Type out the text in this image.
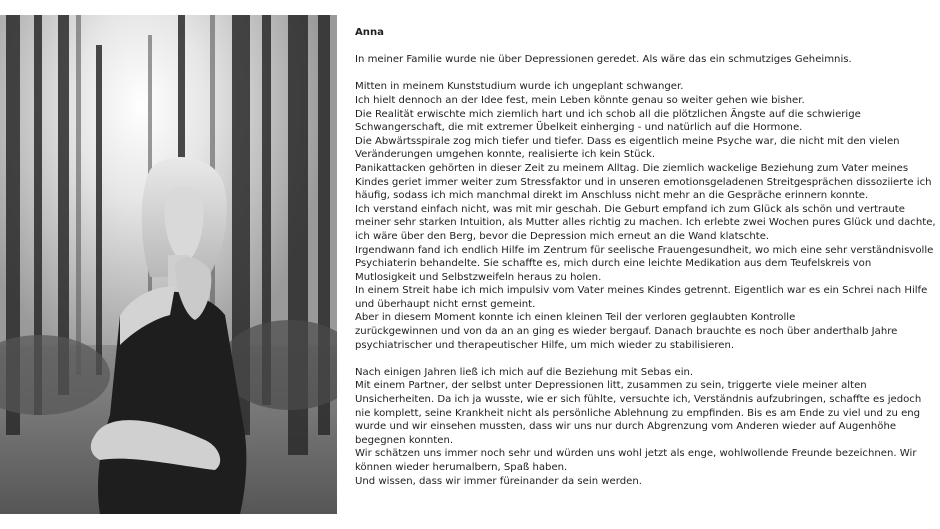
Anna
In meiner Familie wurde nie über Depressionen geredet. Als wäre das ein schmutziges Geheimnis.
Mitten in meinem Kunststudium wurde ich ungeplant schwanger.
Ich hielt dennoch an der Idee fest, mein Leben könnte genau so weiter gehen wie bisher.
Die Realität erwischte mich ziemlich hart und ich schob all die plötzlichen Ängste auf die schwierige
Schwangerschaft, die mit extremer Übelkeit einherging - und natürlich auf die Hormone.
Die Abwärtsspirale zog mich tiefer und tiefer. Dass es eigentlich meine Psyche war, die nicht mit den vielen
Veränderungen umgehen konnte, realisierte ich kein Stück.
Panikattacken gehörten in dieser Zeit zu meinem Alltag. Die ziemlich wackelige Beziehung zum Vater meines
Kindes geriet immer weiter zum Stressfaktor und in unseren emotionsgeladenen Streitgesprächen dissoziierte ich
häufig, sodass ich mich manchmal direkt im Anschluss nicht mehr an die Gespräche erinnern konnte.
Ich verstand einfach nicht, was mit mir geschah. Die Geburt empfand ich zum Glück als schön und vertraute
meiner sehr starken Intuition, als Mutter alles richtig zu machen. Ich erlebte zwei Wochen pures Glück und dachte,
ich wäre über den Berg, bevor die Depression mich erneut an die Wand klatschte.
Irgendwann fand ich endlich Hilfe im Zentrum für seelische Frauengesundheit, wo mich eine sehr verständnisvolle
Psychiaterin behandelte. Sie schaffte es, mich durch eine leichte Medikation aus dem Teufelskreis von
Mutlosigkeit und Selbstzweifeln heraus zu holen.
In einem Streit habe ich mich impulsiv vom Vater meines Kindes getrennt. Eigentlich war es ein Schrei nach Hilfe
und überhaupt nicht ernst gemeint.
Aber in diesem Moment konnte ich einen kleinen Teil der verloren geglaubten Kontrolle
zurückgewinnen und von da an an ging es wieder bergauf. Danach brauchte es noch über anderthalb Jahre
psychiatrischer und therapeutischer Hilfe, um mich wieder zu stabilisieren.
Nach einigen Jahren ließ ich mich auf die Beziehung mit Sebas ein.
Mit einem Partner, der selbst unter Depressionen litt, zusammen zu sein, triggerte viele meiner alten
Unsicherheiten. Da ich ja wusste, wie er sich fühlte, versuchte ich, Verständnis aufzubringen, schaffte es jedoch
nie komplett, seine Krankheit nicht als persönliche Ablehnung zu empfinden. Bis es am Ende zu viel und zu eng
wurde und wir einsehen mussten, dass wir uns nur durch Abgrenzung vom Anderen wieder auf Augenhöhe
begegnen konnten.
Wir schätzen uns immer noch sehr und würden uns wohl jetzt als enge, wohlwollende Freunde bezeichnen. Wir
können wieder herumalbern, Spaß haben.
Und wissen, dass wir immer füreinander da sein werden.
